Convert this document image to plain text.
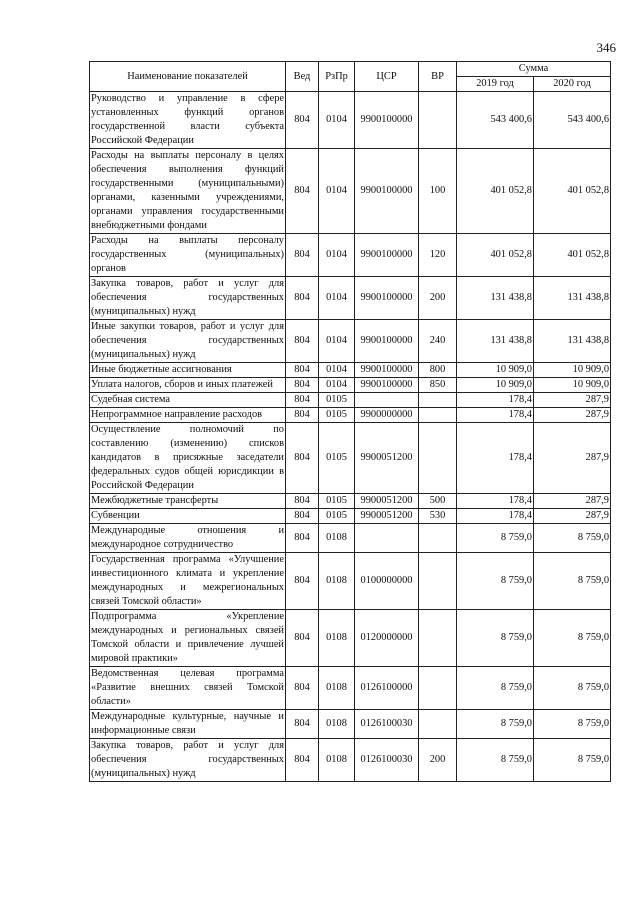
346
Наименование показателей	Вед	РзПр	ЦСР	ВР	Сумма	
					2019 год	2020 год
Руководство и управление в сфере установленных функций органов государственной власти субъекта Российской Федерации	804	0104	9900100000		543 400,6	543 400,6
Расходы на выплаты персоналу в целях обеспечения выполнения функций государственными (муниципальными) органами, казенными учреждениями, органами управления государственными внебюджетными фондами	804	0104	9900100000	100	401 052,8	401 052,8
Расходы на выплаты персоналу государственных (муниципальных) органов	804	0104	9900100000	120	401 052,8	401 052,8
Закупка товаров, работ и услуг для обеспечения государственных (муниципальных) нужд	804	0104	9900100000	200	131 438,8	131 438,8
Иные закупки товаров, работ и услуг для обеспечения государственных (муниципальных) нужд	804	0104	9900100000	240	131 438,8	131 438,8
Иные бюджетные ассигнования	804	0104	9900100000	800	10 909,0	10 909,0
Уплата налогов, сборов и иных платежей	804	0104	9900100000	850	10 909,0	10 909,0
Судебная система	804	0105			178,4	287,9
Непрограммное направление расходов	804	0105	9900000000		178,4	287,9
Осуществление полномочий по составлению (изменению) списков кандидатов в присяжные заседатели федеральных судов общей юрисдикции в Российской Федерации	804	0105	9900051200		178,4	287,9
Межбюджетные трансферты	804	0105	9900051200	500	178,4	287,9
Субвенции	804	0105	9900051200	530	178,4	287,9
Международные отношения и международное сотрудничество	804	0108			8 759,0	8 759,0
Государственная программа «Улучшение инвестиционного климата и укрепление международных и межрегиональных связей Томской области»	804	0108	0100000000		8 759,0	8 759,0
Подпрограмма «Укрепление международных и региональных связей Томской области и привлечение лучшей мировой практики»	804	0108	0120000000		8 759,0	8 759,0
Ведомственная целевая программа «Развитие внешних связей Томской области»	804	0108	0126100000		8 759,0	8 759,0
Международные культурные, научные и информационные связи	804	0108	0126100030		8 759,0	8 759,0
Закупка товаров, работ и услуг для обеспечения государственных (муниципальных) нужд	804	0108	0126100030	200	8 759,0	8 759,0
